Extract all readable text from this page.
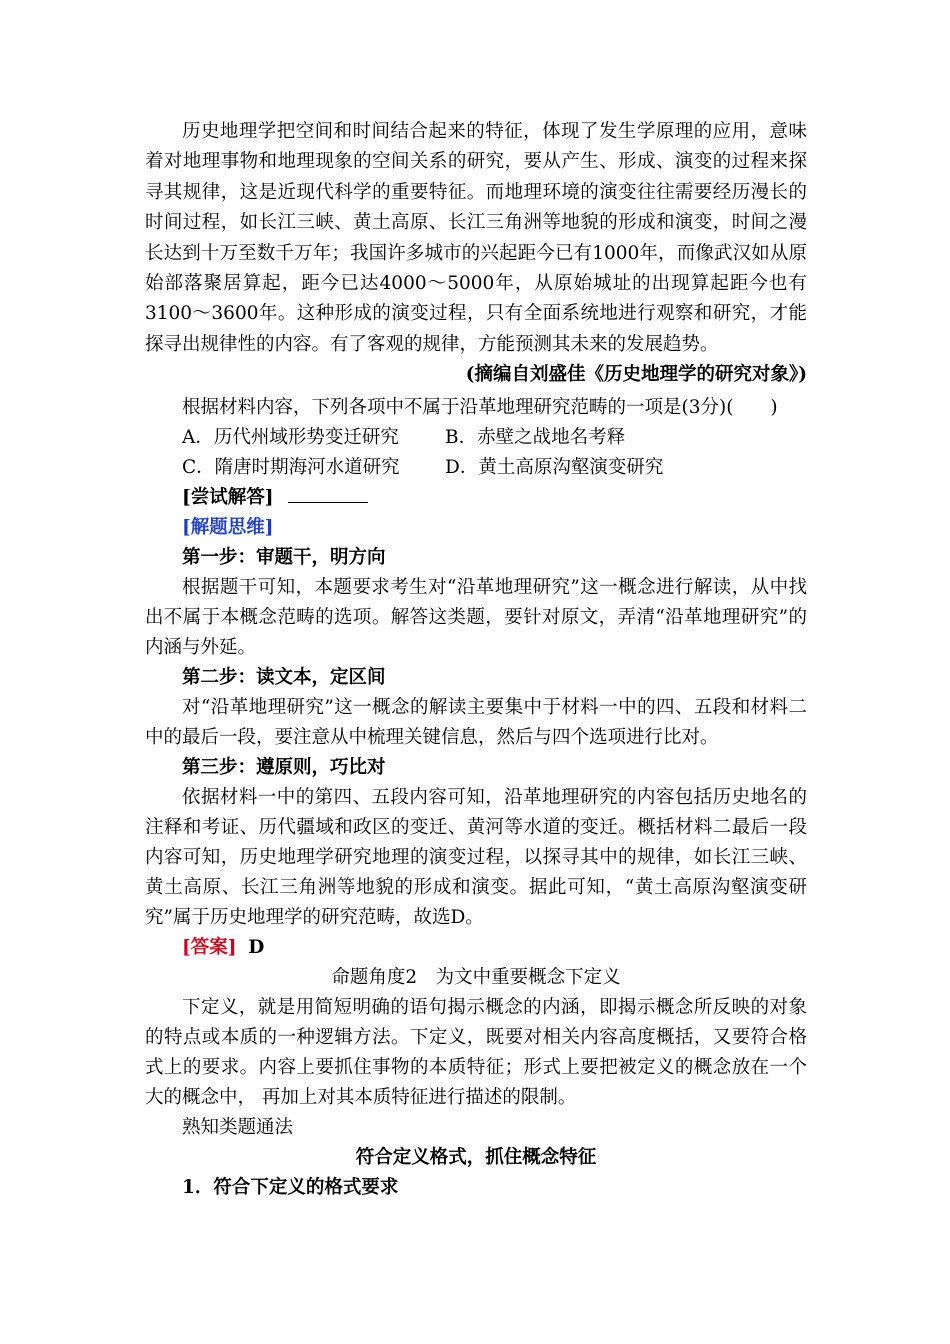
历史地理学把空间和时间结合起来的特征，体现了发生学原理的应用，意味着对地理事物和地理现象的空间关系的研究，要从产生、形成、演变的过程来探寻其规律，这是近现代科学的重要特征。而地理环境的演变往往需要经历漫长的时间过程，如长江三峡、黄土高原、长江三角洲等地貌的形成和演变，时间之漫长达到十万至数千万年；我国许多城市的兴起距今已有1000年，而像武汉如从原始部落聚居算起，距今已达4000～5000年，从原始城址的出现算起距今也有3100～3600年。这种形成的演变过程，只有全面系统地进行观察和研究，才能探寻出规律性的内容。有了客观的规律，方能预测其未来的发展趋势。

(摘编自刘盛佳《历史地理学的研究对象》)

根据材料内容，下列各项中不属于沿革地理研究范畴的一项是(3分)(　　)

A．历代州域形势变迁研究 B．赤壁之战地名考释
C．隋唐时期海河水道研究 D．黄土高原沟壑演变研究
[尝试解答]
[解题思维]
第一步：审题干，明方向

根据题干可知，本题要求考生对“沿革地理研究”这一概念进行解读，从中找出不属于本概念范畴的选项。解答这类题，要针对原文，弄清“沿革地理研究”的内涵与外延。

第二步：读文本，定区间

对“沿革地理研究”这一概念的解读主要集中于材料一中的四、五段和材料二中的最后一段，要注意从中梳理关键信息，然后与四个选项进行比对。

第三步：遵原则，巧比对

依据材料一中的第四、五段内容可知，沿革地理研究的内容包括历史地名的注释和考证、历代疆域和政区的变迁、黄河等水道的变迁。概括材料二最后一段内容可知，历史地理学研究地理的演变过程，以探寻其中的规律，如长江三峡、黄土高原、长江三角洲等地貌的形成和演变。据此可知，“黄土高原沟壑演变研究”属于历史地理学的研究范畴，故选D。

[答案] D
命题角度2　为文中重要概念下定义

下定义，就是用简短明确的语句揭示概念的内涵，即揭示概念所反映的对象的特点或本质的一种逻辑方法。下定义，既要对相关内容高度概括，又要符合格式上的要求。内容上要抓住事物的本质特征；形式上要把被定义的概念放在一个大的概念中， 再加上对其本质特征进行描述的限制。

熟知类题通法
符合定义格式，抓住概念特征
1．符合下定义的格式要求
